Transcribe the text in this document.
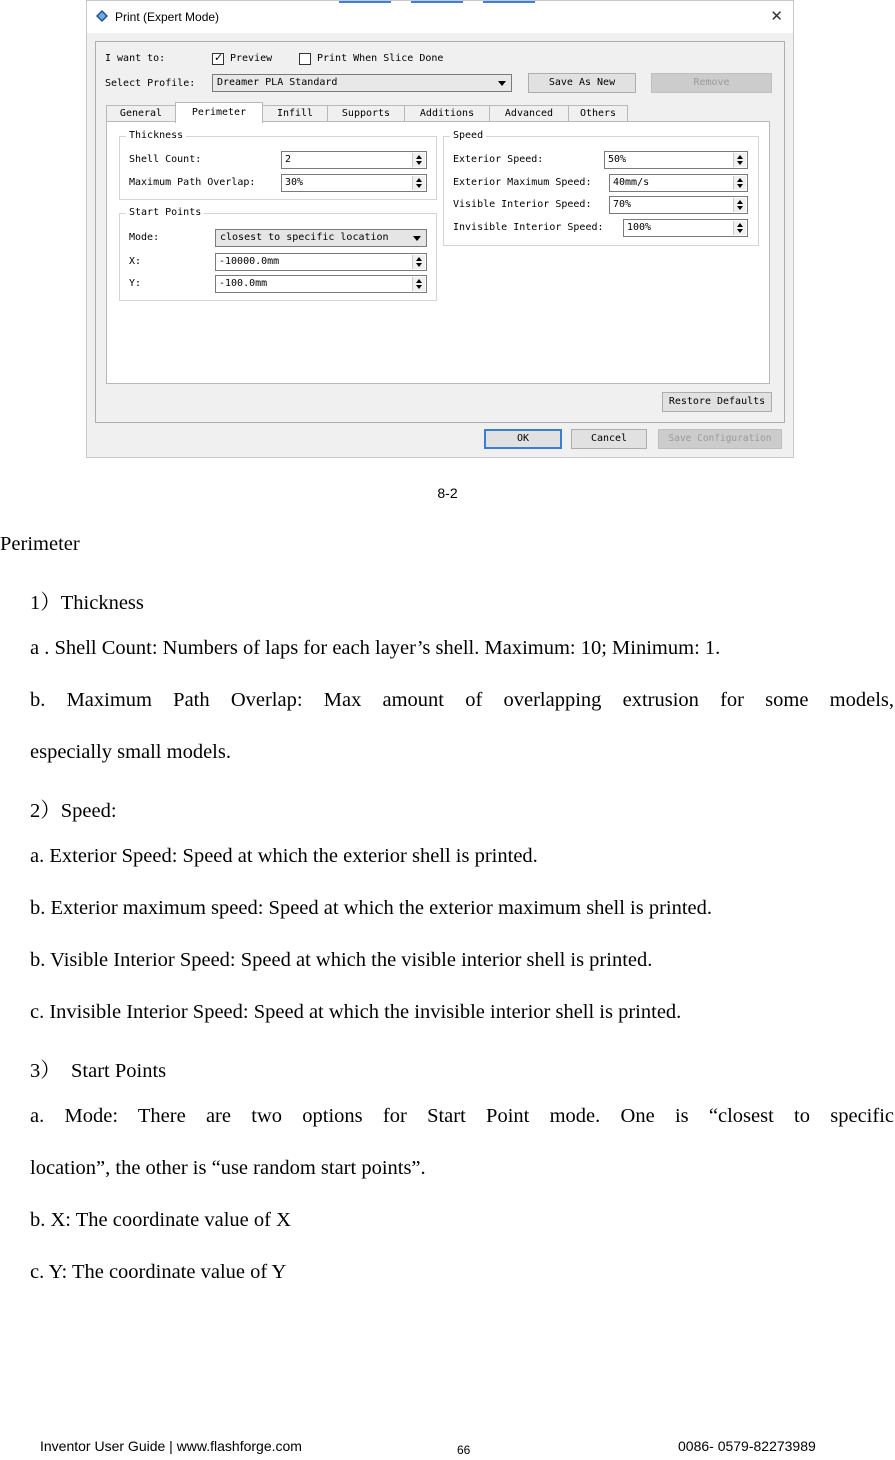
Print (Expert Mode)	✕
I want to:	✓ Preview	Print When Slice Done
Select Profile: Dreamer PLA Standard	Save As New	Remove
General	Perimeter	Infill	Supports	Additions	Advanced	Others
Thickness
Shell Count:	2
Maximum Path Overlap:	30%
Start Points
Mode:	closest to specific location
X:	-10000.0mm
Y:	-100.0mm
Speed
Exterior Speed:	50%
Exterior Maximum Speed: 40mm/s
Visible Interior Speed: 70%
Invisible Interior Speed: 100%
Restore Defaults
OK	Cancel	Save Configuration
8-2
Perimeter
1）Thickness
a . Shell Count: Numbers of laps for each layer’s shell. Maximum: 10; Minimum: 1.
b. Maximum Path Overlap: Max amount of overlapping extrusion for some models,
especially small models.
2）Speed:
a. Exterior Speed: Speed at which the exterior shell is printed.
b. Exterior maximum speed: Speed at which the exterior maximum shell is printed.
b. Visible Interior Speed: Speed at which the visible interior shell is printed.
c. Invisible Interior Speed: Speed at which the invisible interior shell is printed.
3）  Start Points
a. Mode: There are two options for Start Point mode. One is “closest to specific
location”, the other is “use random start points”.
b. X: The coordinate value of X
c. Y: The coordinate value of Y
Inventor User Guide | www.flashforge.com	66	0086- 0579-82273989
